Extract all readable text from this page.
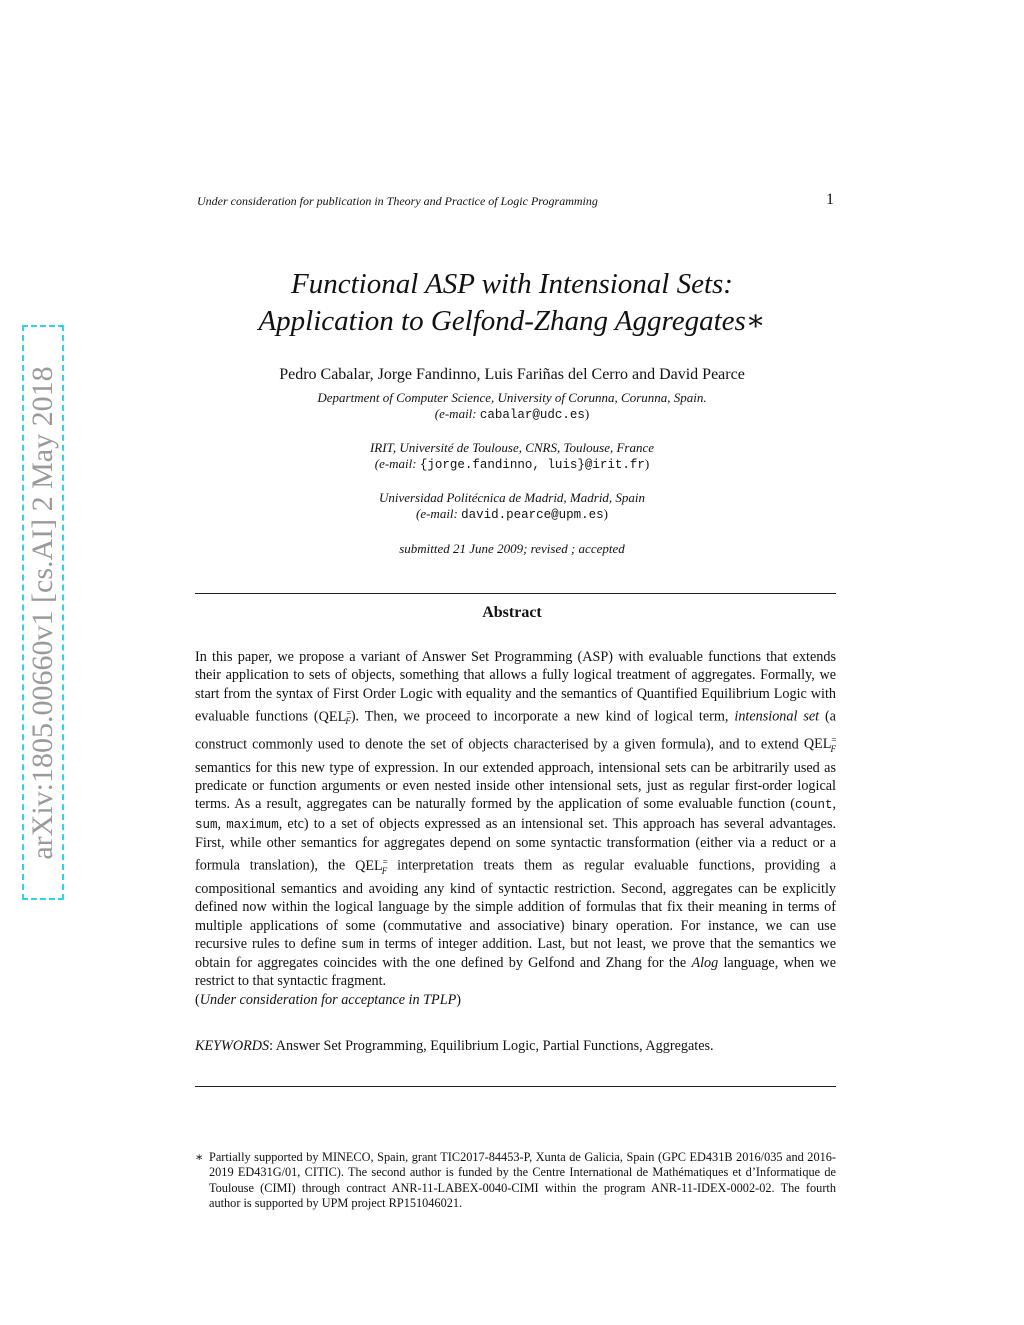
Under consideration for publication in Theory and Practice of Logic Programming	1
arXiv:1805.00660v1 [cs.AI] 2 May 2018
Functional ASP with Intensional Sets:
Application to Gelfond-Zhang Aggregates∗
Pedro Cabalar, Jorge Fandinno, Luis Fariñas del Cerro and David Pearce
Department of Computer Science, University of Corunna, Corunna, Spain.
(e-mail: cabalar@udc.es)
IRIT, Université de Toulouse, CNRS, Toulouse, France
(e-mail: {jorge.fandinno, luis}@irit.fr)
Universidad Politécnica de Madrid, Madrid, Spain
(e-mail: david.pearce@upm.es)
submitted 21 June 2009; revised ; accepted
Abstract
In this paper, we propose a variant of Answer Set Programming (ASP) with evaluable functions that extends their application to sets of objects, something that allows a fully logical treatment of aggregates. Formally, we start from the syntax of First Order Logic with equality and the semantics of Quantified Equilibrium Logic with evaluable functions $(QEL^=_F)$. Then, we proceed to incorporate a new kind of logical term, intensional set (a construct commonly used to denote the set of objects characterised by a given formula), and to extend $QEL^=_F$ semantics for this new type of expression. In our extended approach, intensional sets can be arbitrarily used as predicate or function arguments or even nested inside other intensional sets, just as regular first-order logical terms. As a result, aggregates can be naturally formed by the application of some evaluable function (count, sum, maximum, etc) to a set of objects expressed as an intensional set. This approach has several advantages. First, while other semantics for aggregates depend on some syntactic transformation (either via a reduct or a formula translation), the $QEL^=_F$ interpretation treats them as regular evaluable functions, providing a compositional semantics and avoiding any kind of syntactic restriction. Second, aggregates can be explicitly defined now within the logical language by the simple addition of formulas that fix their meaning in terms of multiple applications of some (commutative and associative) binary operation. For instance, we can use recursive rules to define sum in terms of integer addition. Last, but not least, we prove that the semantics we obtain for aggregates coincides with the one defined by Gelfond and Zhang for the Alog language, when we restrict to that syntactic fragment.
(Under consideration for acceptance in TPLP)
KEYWORDS: Answer Set Programming, Equilibrium Logic, Partial Functions, Aggregates.
∗ Partially supported by MINECO, Spain, grant TIC2017-84453-P, Xunta de Galicia, Spain (GPC ED431B 2016/035 and 2016-2019 ED431G/01, CITIC). The second author is funded by the Centre International de Mathématiques et d’Informatique de Toulouse (CIMI) through contract ANR-11-LABEX-0040-CIMI within the program ANR-11-IDEX-0002-02. The fourth author is supported by UPM project RP151046021.
